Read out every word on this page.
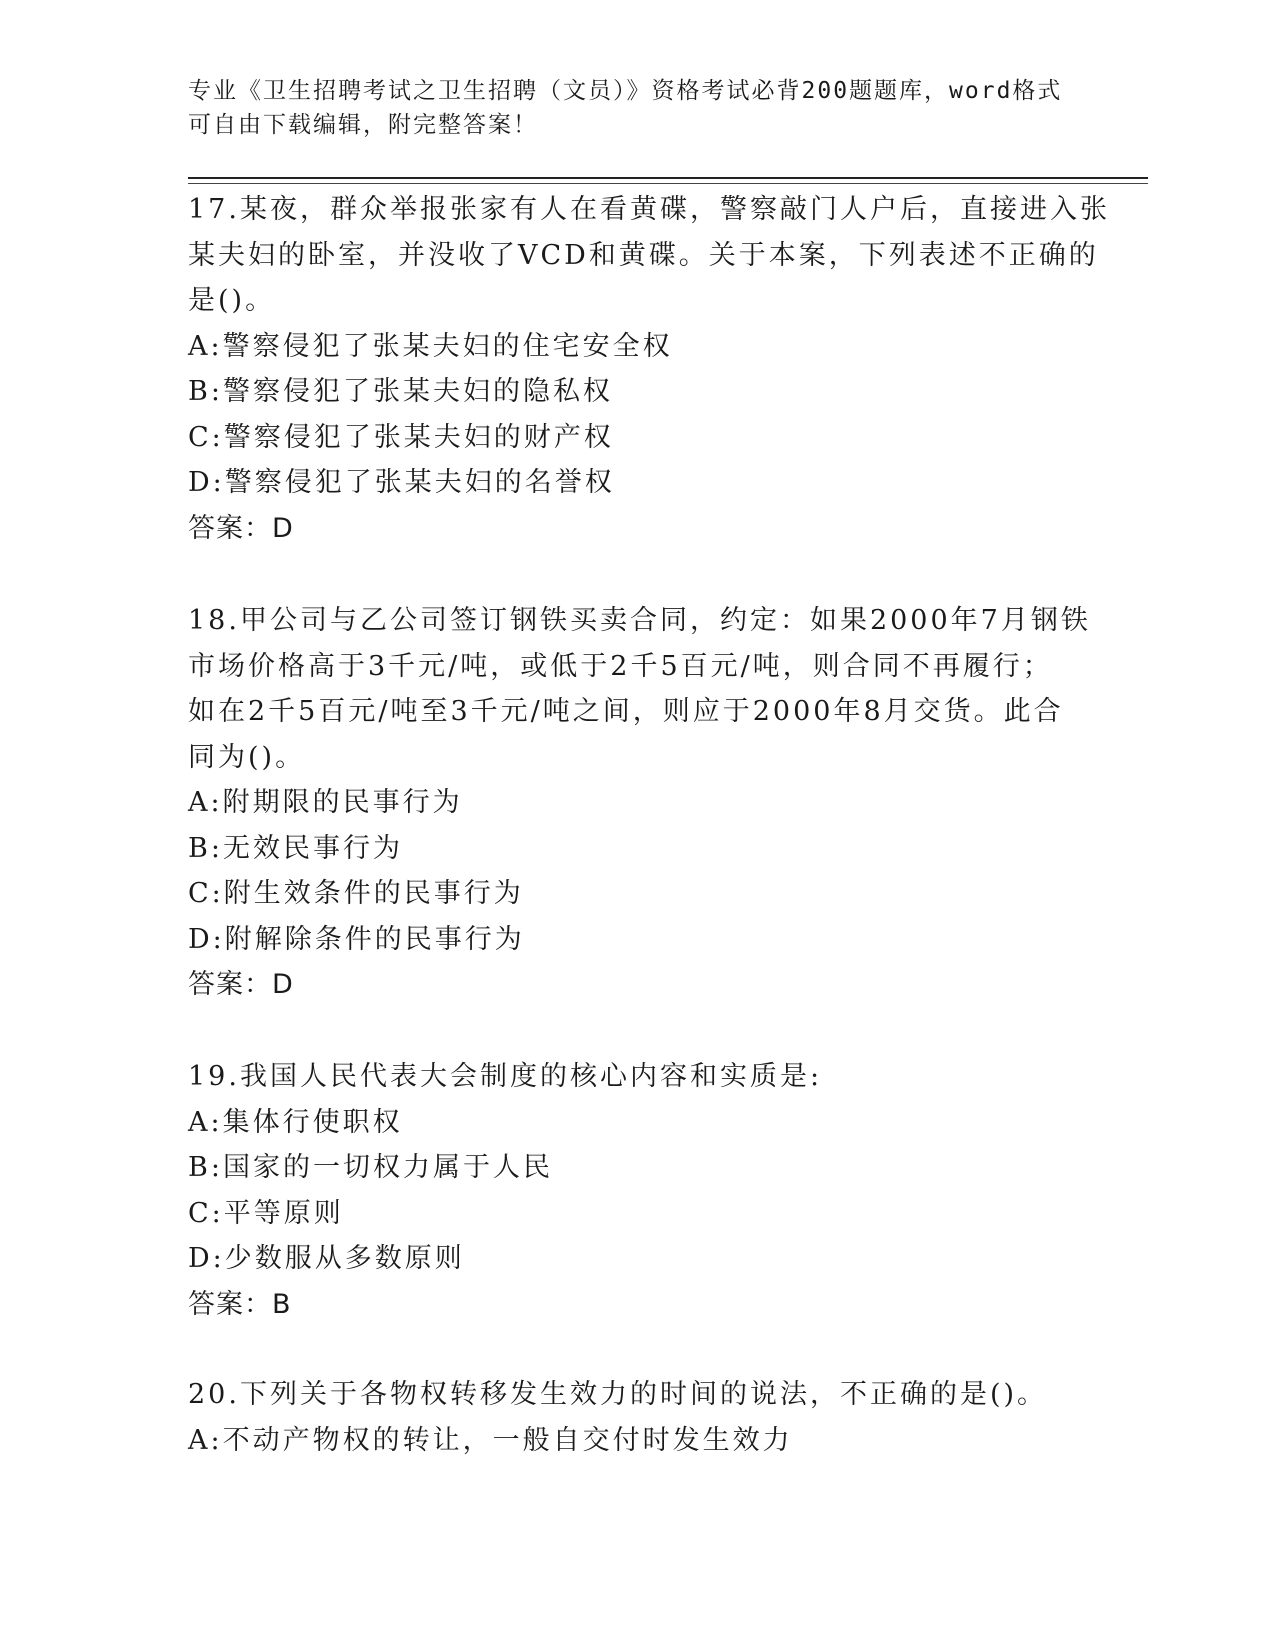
专业《卫生招聘考试之卫生招聘（文员）》资格考试必背200题题库，word格式
可自由下载编辑，附完整答案！
17.某夜，群众举报张家有人在看黄碟，警察敲门人户后，直接进入张
某夫妇的卧室，并没收了VCD和黄碟。关于本案，下列表述不正确的
是()。
A:警察侵犯了张某夫妇的住宅安全权
B:警察侵犯了张某夫妇的隐私权
C:警察侵犯了张某夫妇的财产权
D:警察侵犯了张某夫妇的名誉权
答案：D
18.甲公司与乙公司签订钢铁买卖合同，约定：如果2000年7月钢铁
市场价格高于3千元/吨，或低于2千5百元/吨，则合同不再履行；
如在2千5百元/吨至3千元/吨之间，则应于2000年8月交货。此合
同为()。
A:附期限的民事行为
B:无效民事行为
C:附生效条件的民事行为
D:附解除条件的民事行为
答案：D
19.我国人民代表大会制度的核心内容和实质是:
A:集体行使职权
B:国家的一切权力属于人民
C:平等原则
D:少数服从多数原则
答案：B
20.下列关于各物权转移发生效力的时间的说法，不正确的是()。
A:不动产物权的转让，一般自交付时发生效力
